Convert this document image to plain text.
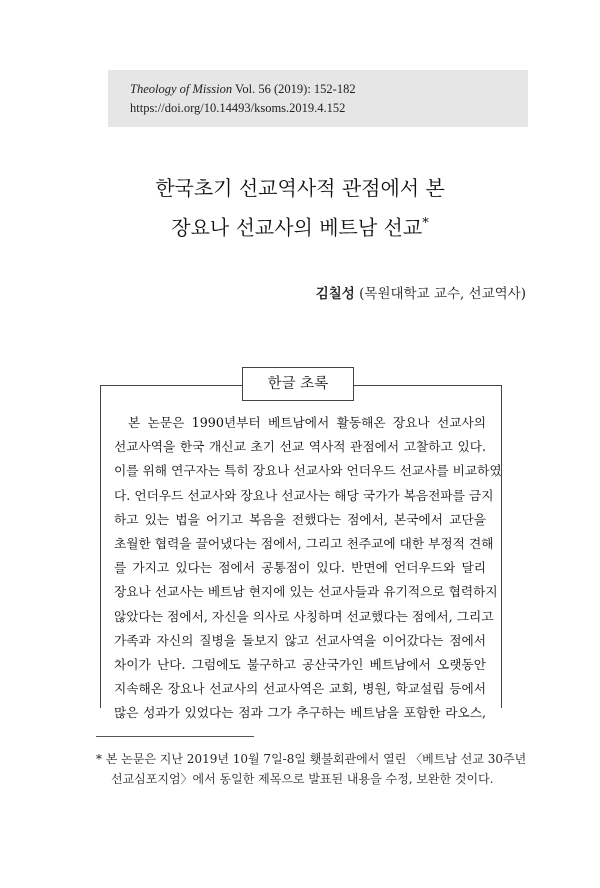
Theology of Mission Vol. 56 (2019): 152-182
https://doi.org/10.14493/ksoms.2019.4.152
한국초기 선교역사적 관점에서 본
장요나 선교사의 베트남 선교*
김칠성 (목원대학교 교수, 선교역사)
한글 초록
본 논문은 1990년부터 베트남에서 활동해온 장요나 선교사의
선교사역을 한국 개신교 초기 선교 역사적 관점에서 고찰하고 있다.
이를 위해 연구자는 특히 장요나 선교사와 언더우드 선교사를 비교하였
다. 언더우드 선교사와 장요나 선교사는 해당 국가가 복음전파를 금지
하고 있는 법을 어기고 복음을 전했다는 점에서, 본국에서 교단을
초월한 협력을 끌어냈다는 점에서, 그리고 천주교에 대한 부정적 견해
를 가지고 있다는 점에서 공통점이 있다. 반면에 언더우드와 달리
장요나 선교사는 베트남 현지에 있는 선교사들과 유기적으로 협력하지
않았다는 점에서, 자신을 의사로 사칭하며 선교했다는 점에서, 그리고
가족과 자신의 질병을 돌보지 않고 선교사역을 이어갔다는 점에서
차이가 난다. 그럼에도 불구하고 공산국가인 베트남에서 오랫동안
지속해온 장요나 선교사의 선교사역은 교회, 병원, 학교설립 등에서
많은 성과가 있었다는 점과 그가 추구하는 베트남을 포함한 라오스,
* 본 논문은 지난 2019년 10월 7일-8일 횃불회관에서 열린 〈베트남 선교 30주년
선교심포지엄〉에서 동일한 제목으로 발표된 내용을 수정, 보완한 것이다.
